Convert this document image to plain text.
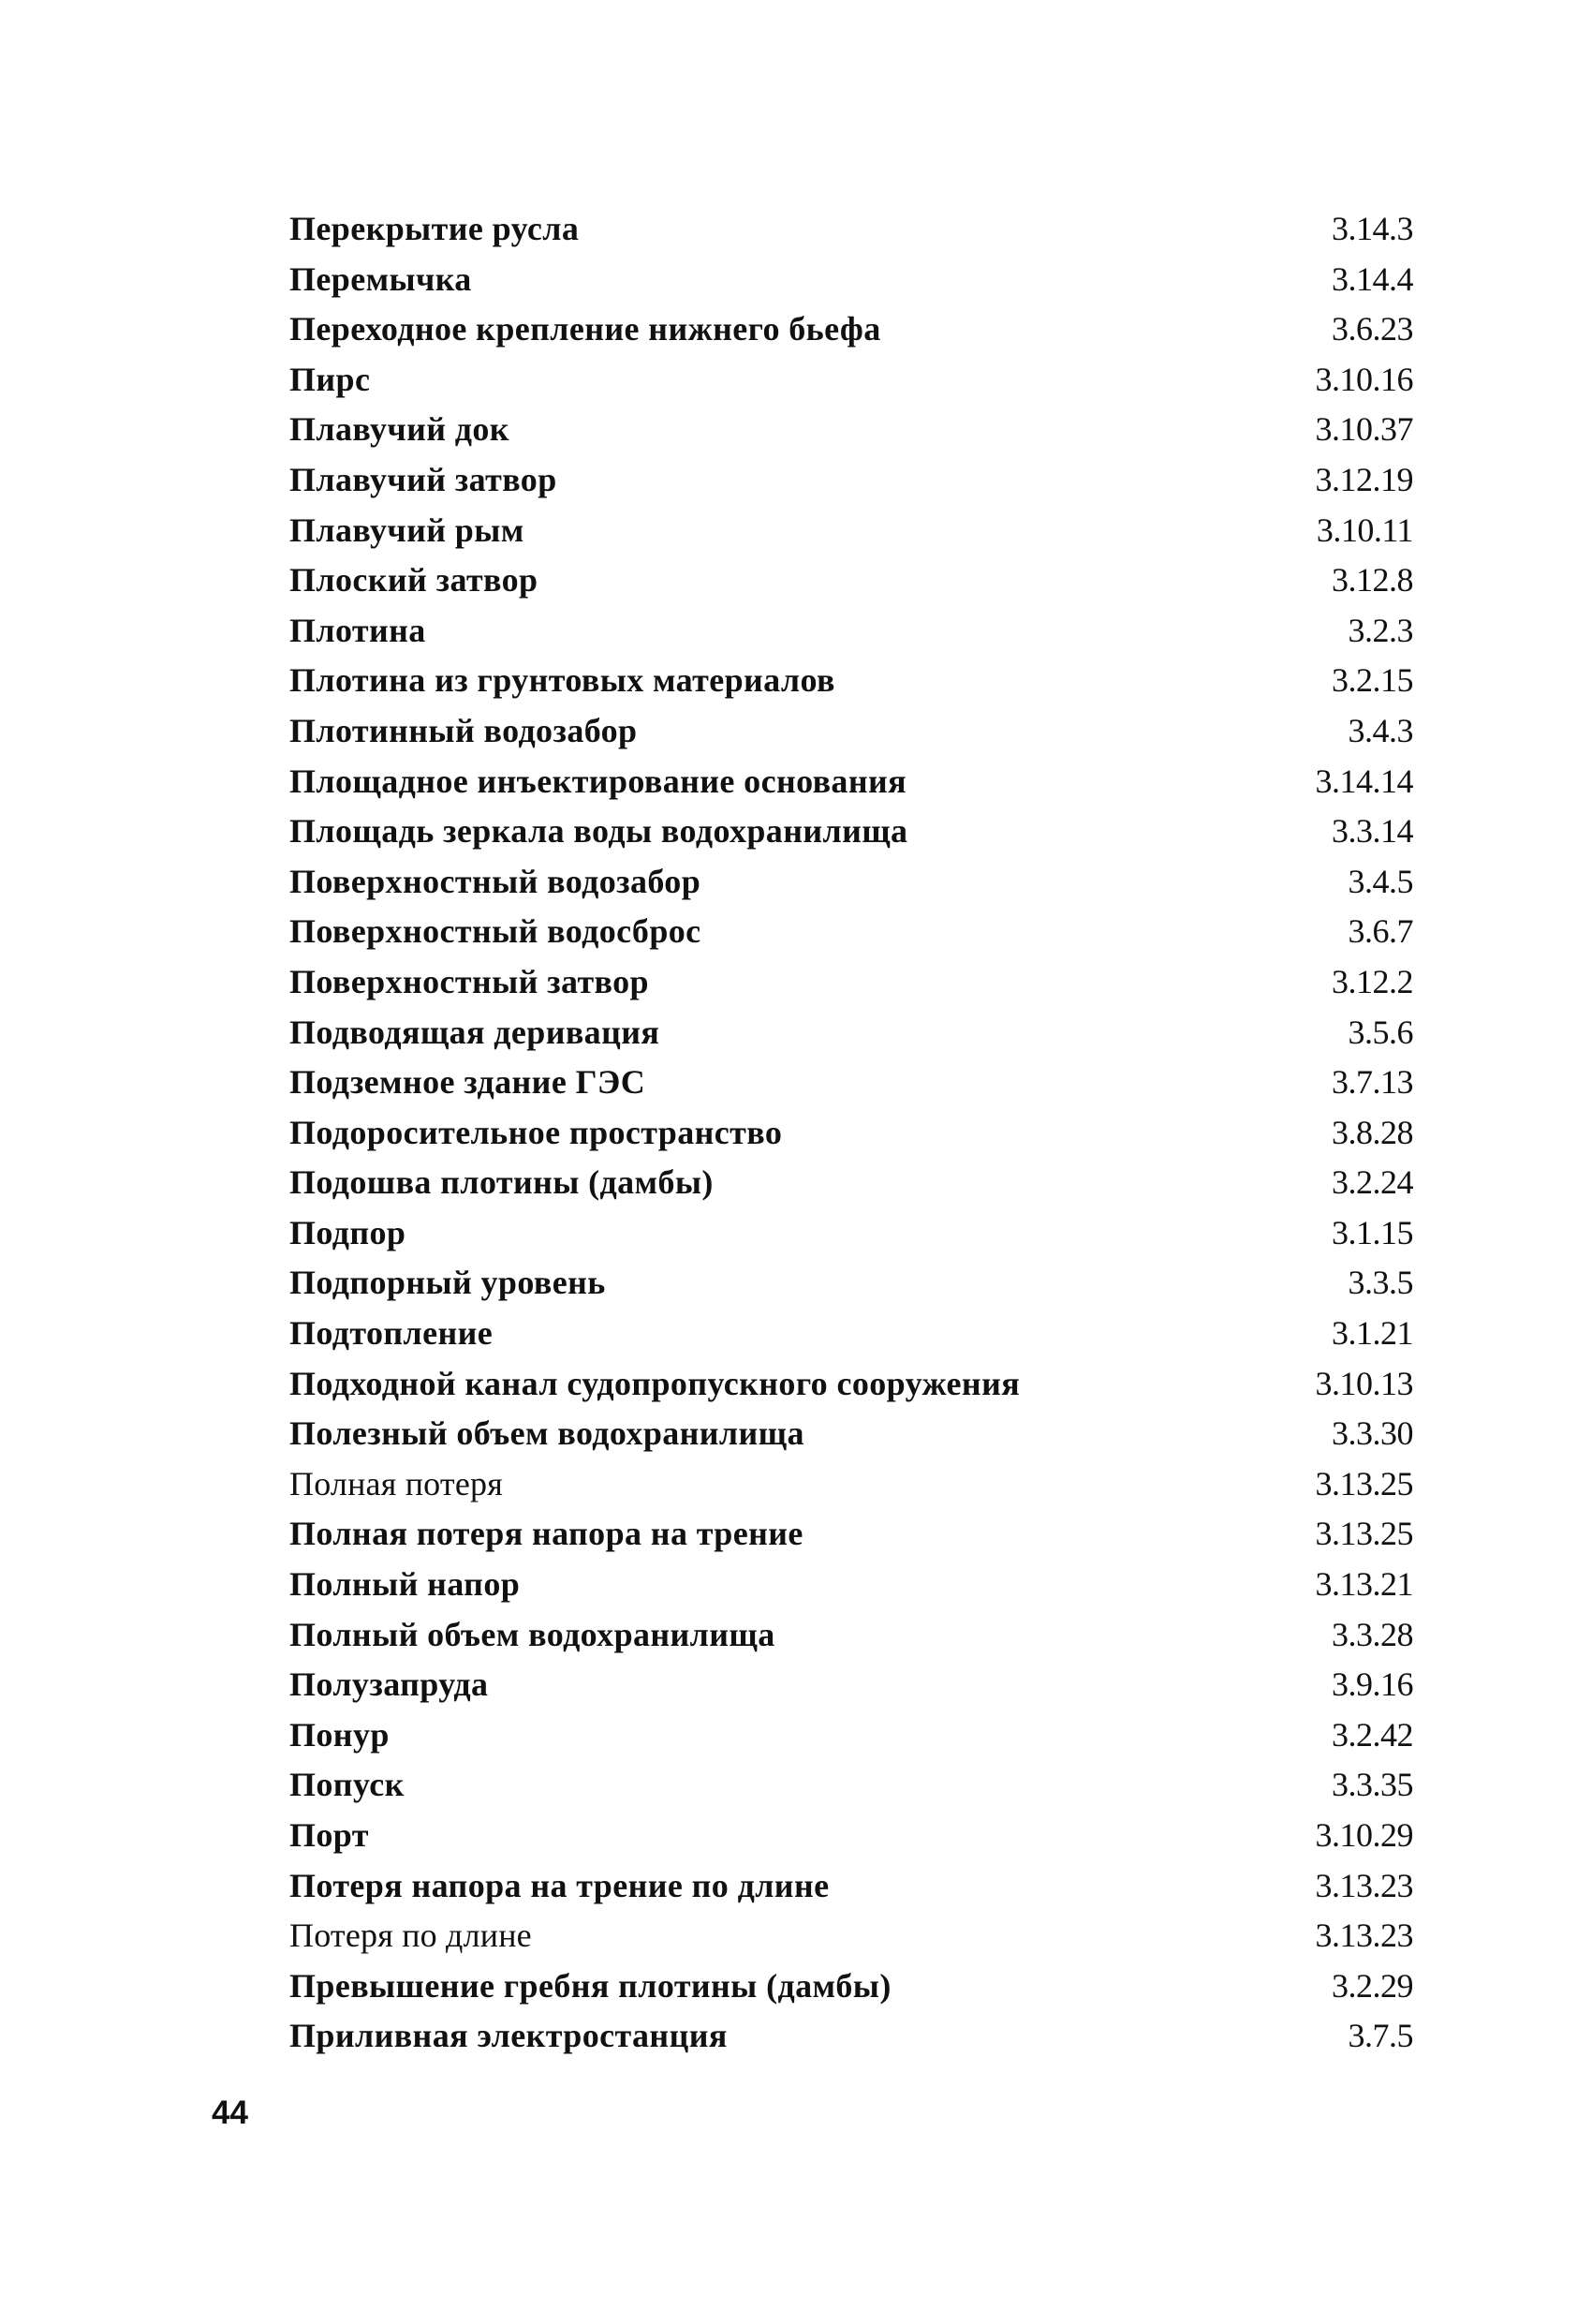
Перекрытие русла	3.14.3
Перемычка	3.14.4
Переходное крепление нижнего бьефа	3.6.23
Пирс	3.10.16
Плавучий док	3.10.37
Плавучий затвор	3.12.19
Плавучий рым	3.10.11
Плоский затвор	3.12.8
Плотина	3.2.3
Плотина из грунтовых материалов	3.2.15
Плотинный водозабор	3.4.3
Площадное инъектирование основания	3.14.14
Площадь зеркала воды водохранилища	3.3.14
Поверхностный водозабор	3.4.5
Поверхностный водосброс	3.6.7
Поверхностный затвор	3.12.2
Подводящая деривация	3.5.6
Подземное здание ГЭС	3.7.13
Подоросительное пространство	3.8.28
Подошва плотины (дамбы)	3.2.24
Подпор	3.1.15
Подпорный уровень	3.3.5
Подтопление	3.1.21
Подходной канал судопропускного сооружения	3.10.13
Полезный объем водохранилища	3.3.30
Полная потеря	3.13.25
Полная потеря напора на трение	3.13.25
Полный напор	3.13.21
Полный объем водохранилища	3.3.28
Полузапруда	3.9.16
Понур	3.2.42
Попуск	3.3.35
Порт	3.10.29
Потеря напора на трение по длине	3.13.23
Потеря по длине	3.13.23
Превышение гребня плотины (дамбы)	3.2.29
Приливная электростанция	3.7.5
44
